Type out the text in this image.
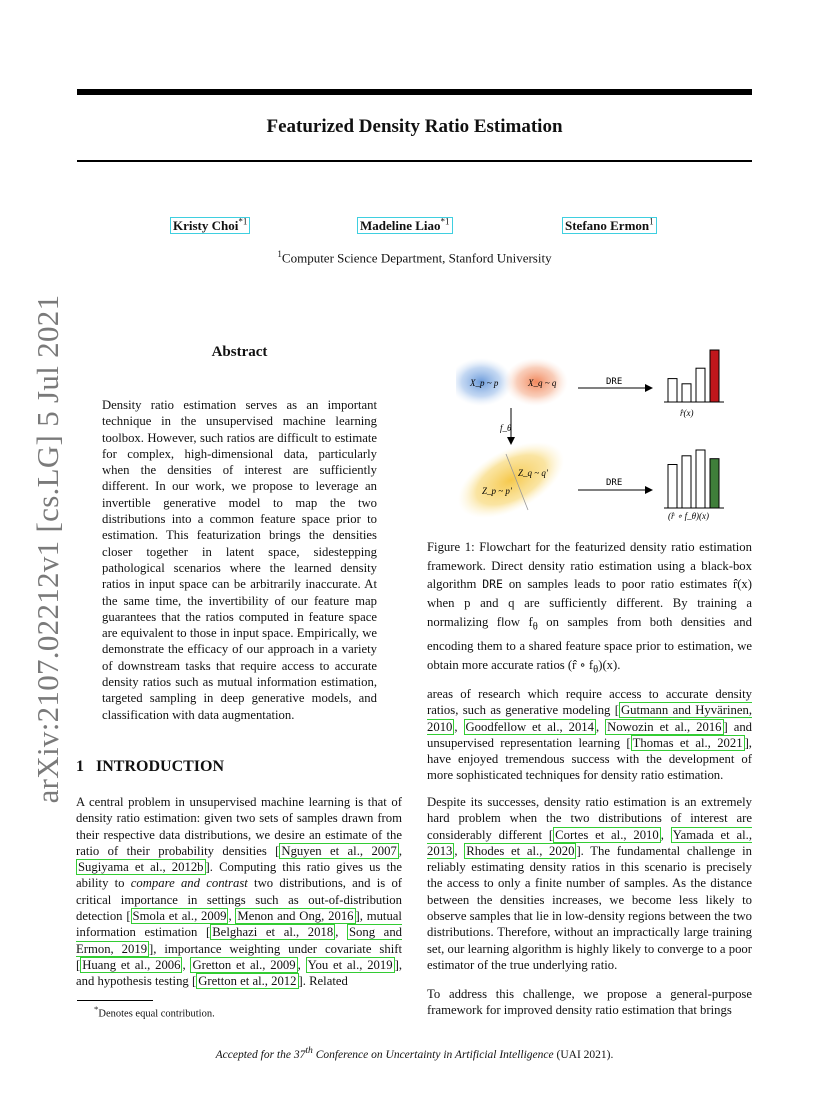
Featurized Density Ratio Estimation
Kristy Choi$^{*1}$	Madeline Liao$^{*1}$	Stefano Ermon$^1$
$^1$Computer Science Department, Stanford University
arXiv:2107.02212v1 [cs.LG] 5 Jul 2021	Abstract
Density ratio estimation serves as an important technique in the unsupervised machine learning toolbox. However, such ratios are difficult to estimate for complex, high-dimensional data, particularly when the densities of interest are sufficiently different. In our work, we propose to leverage an invertible generative model to map the two distributions into a common feature space prior to estimation. This featurization brings the densities closer together in latent space, sidestepping pathological scenarios where the learned density ratios in input space can be arbitrarily inaccurate. At the same time, the invertibility of our feature map guarantees that the ratios computed in feature space are equivalent to those in input space. Empirically, we demonstrate the efficacy of our approach in a variety of downstream tasks that require access to accurate density ratios such as mutual information estimation, targeted sampling in deep generative models, and classification with data augmentation.
1 INTRODUCTION
A central problem in unsupervised machine learning is that of density ratio estimation: given two sets of samples drawn from their respective data distributions, we desire an estimate of the ratio of their probability densities [ Nguyen et al., 2007 , Sugiyama et al., 2012b ]. Computing this ratio gives us the ability to compare and contrast two distributions, and is of critical importance in settings such as out-of-distribution detection [ Smola et al., 2009 , Menon and Ong, 2016 ], mutual information estimation [ Belghazi et al., 2018 , Song and Ermon, 2019 ], importance weighting under covariate shift [ Huang et al., 2006 , Gretton et al., 2009 , You et al., 2019 ], and hypothesis testing [ Gretton et al., 2012 ]. Related
*Denotes equal contribution.
X_p ~ p	X_q ~ q
f_θ
Z_q ~ q'
Z_p ~ p'
DRE
DRE
r̂(x)
(r̂ ∘ f_θ)(x)
Figure 1: Flowchart for the featurized density ratio estimation framework. Direct density ratio estimation using a black-box algorithm DRE on samples leads to poor ratio estimates r̂(x) when p and q are sufficiently different. By training a normalizing flow $f_\theta$ on samples from both densities and encoding them to a shared feature space prior to estimation, we obtain more accurate ratios (r̂ ∘ $f_\theta)(x)$.
areas of research which require access to accurate density ratios, such as generative modeling [ Gutmann and Hyvärinen, 2010 , Goodfellow et al., 2014 , Nowozin et al., 2016 ] and unsupervised representation learning [ Thomas et al., 2021 ], have enjoyed tremendous success with the development of more sophisticated techniques for density ratio estimation.
Despite its successes, density ratio estimation is an extremely hard problem when the two distributions of interest are considerably different [ Cortes et al., 2010 , Yamada et al., 2013 , Rhodes et al., 2020 ]. The fundamental challenge in reliably estimating density ratios in this scenario is precisely the access to only a finite number of samples. As the distance between the densities increases, we become less likely to observe samples that lie in low-density regions between the two distributions. Therefore, without an impractically large training set, our learning algorithm is highly likely to converge to a poor estimator of the true underlying ratio.
To address this challenge, we propose a general-purpose framework for improved density ratio estimation that brings
Accepted for the 37th Conference on Uncertainty in Artificial Intelligence (UAI 2021).
